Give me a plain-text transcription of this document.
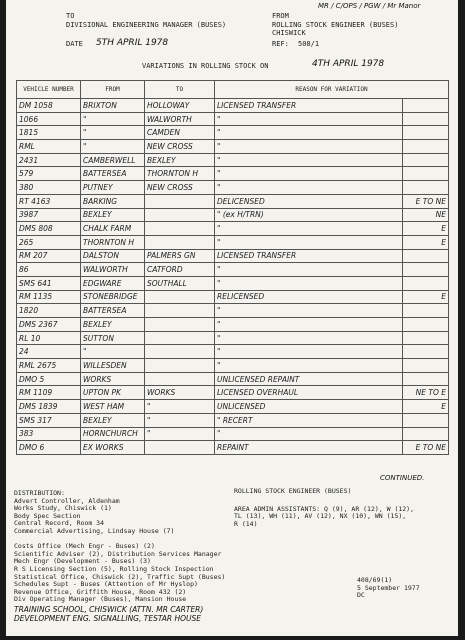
TO
DIVISIONAL ENGINEERING MANAGER (BUSES)
FROM
ROLLING STOCK ENGINEER (BUSES)
CHISWICK
MR / C/OPS / PGW / Mr Manor
DATE 5TH APRIL 1978	REF: 508/1
VARIATIONS IN ROLLING STOCK ON	4TH APRIL 1978
VEHICLE NUMBER	FROM	TO	REASON FOR VARIATION	
DM 1058	BRIXTON	HOLLOWAY	LICENSED TRANSFER	
1066	"	WALWORTH	"	
1815	"	CAMDEN	"	
RML	"	NEW CROSS	"	
2431	CAMBERWELL	BEXLEY	"	
579	BATTERSEA	THORNTON H	"	
380	PUTNEY	NEW CROSS	"	
RT 4163	BARKING		DELICENSED	E TO NE
3987	BEXLEY		" (ex H/TRN)	NE
DMS 808	CHALK FARM		"	E
265	THORNTON H		"	E
RM 207	DALSTON	PALMERS GN	LICENSED TRANSFER	
86	WALWORTH	CATFORD	"	
SMS 641	EDGWARE	SOUTHALL	"	
RM 1135	STONEBRIDGE		RELICENSED	E
1820	BATTERSEA		"	
DMS 2367	BEXLEY		"	
RL 10	SUTTON		"	
24	"		"	
RML 2675	WILLESDEN		"	
DMO 5	WORKS		UNLICENSED REPAINT	
RM 1109	UPTON PK	WORKS	LICENSED OVERHAUL	NE TO E
DMS 1839	WEST HAM	"	UNLICENSED	E
SMS 317	BEXLEY	"	" RECERT	
383	HORNCHURCH	"	"	
DMO 6	EX WORKS		REPAINT	E TO NE
CONTINUED.
DISTRIBUTION:
Advert Controller, Aldenham
Works Study, Chiswick (1)
Body Spec Section
Central Record, Room 34
Commercial Advertising, Lindsay House (7)
Costs Office (Mech Engr - Buses) (2)
Scientific Adviser (2), Distribution Services Manager
Mech Engr (Development - Buses) (3)
R S Licensing Section (5), Rolling Stock Inspection
Statistical Office, Chiswick (2), Traffic Supt (Buses)
Schedules Supt - Buses (Attention of Mr Hyslop)
Revenue Office, Griffith House, Room 432 (2)
Div Operating Manager (Buses), Mansion House
TRAINING SCHOOL, CHISWICK (ATTN. MR CARTER)
DEVELOPMENT ENG. SIGNALLING, TESTAR HOUSE
ROLLING STOCK ENGINEER (BUSES)
AREA ADMIN ASSISTANTS: Q (9), AR (12), W (12),
TL (13), WH (11), AV (12), NX (10), WN (15),
R (14)
408/69(1)
5 September 1977
DC
